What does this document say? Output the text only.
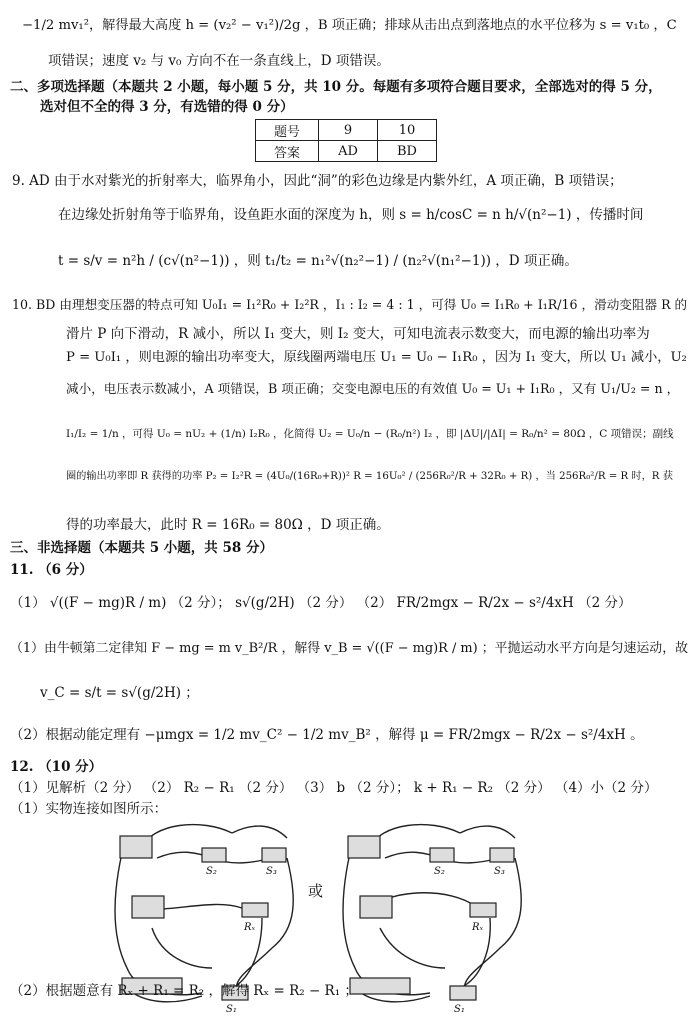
−1/2 mv₁²，解得最大高度 h = (v₂² − v₁²)/2g ，B 项正确；排球从击出点到落地点的水平位移为 s = v₁t₀ ，C
项错误；速度 v₂ 与 v₀ 方向不在一条直线上，D 项错误。
二、多项选择题（本题共 2 小题，每小题 5 分，共 10 分。每题有多项符合题目要求，全部选对的得 5 分，
选对但不全的得 3 分，有选错的得 0 分）
题号	9	10
答案	AD	BD
9. AD 由于水对紫光的折射率大，临界角小，因此“洞”的彩色边缘是内紫外红，A 项正确，B 项错误；
在边缘处折射角等于临界角，设鱼距水面的深度为 h，则 s = h/cosC = n h/√(n²−1) ，传播时间
t = s/v = n²h / (c√(n²−1)) ，则 t₁/t₂ = n₁²√(n₂²−1) / (n₂²√(n₁²−1)) ，D 项正确。
10. BD 由理想变压器的特点可知 U₀I₁ = I₁²R₀ + I₂²R ，I₁ : I₂ = 4 : 1 ，可得 U₀ = I₁R₀ + I₁R/16 ，滑动变阻器 R 的
滑片 P 向下滑动，R 减小，所以 I₁ 变大，则 I₂ 变大，可知电流表示数变大，而电源的输出功率为
P = U₀I₁ ，则电源的输出功率变大，原线圈两端电压 U₁ = U₀ − I₁R₀ ，因为 I₁ 变大，所以 U₁ 减小，U₂
减小，电压表示数减小，A 项错误，B 项正确；交变电源电压的有效值 U₀ = U₁ + I₁R₀ ，又有 U₁/U₂ = n ，
I₁/I₂ = 1/n ，可得 U₀ = nU₂ + (1/n) I₂R₀ ，化简得 U₂ = U₀/n − (R₀/n²) I₂ ，即 |ΔU|/|ΔI| = R₀/n² = 80Ω ，C 项错误；副线
圈的输出功率即 R 获得的功率 P₂ = I₂²R = (4U₀/(16R₀+R))² R = 16U₀² / (256R₀²/R + 32R₀ + R) ，当 256R₀²/R = R 时，R 获
得的功率最大，此时 R = 16R₀ = 80Ω ，D 项正确。
三、非选择题（本题共 5 小题，共 58 分）
11. （6 分）
（1） √((F − mg)R / m) （2 分）； s√(g/2H) （2 分） （2） FR/2mgx − R/2x − s²/4xH （2 分）
（1）由牛顿第二定律知 F − mg = m v_B²/R ，解得 v_B = √((F − mg)R / m) ；平抛运动水平方向是匀速运动，故
v_C = s/t = s√(g/2H) ；
（2）根据动能定理有 −μmgx = 1/2 mv_C² − 1/2 mv_B² ，解得 μ = FR/2mgx − R/2x − s²/4xH 。
12. （10 分）
（1）见解析（2 分） （2） R₂ − R₁ （2 分） （3） b （2 分）； k + R₁ − R₂ （2 分） （4）小（2 分）
（1）实物连接如图所示：
S₂	S₃
Rₓ
S₁
或
S₂	S₃
Rₓ
S₁
（2）根据题意有 Rₓ + R₁ = R₂ ，解得 Rₓ = R₂ − R₁ ；
